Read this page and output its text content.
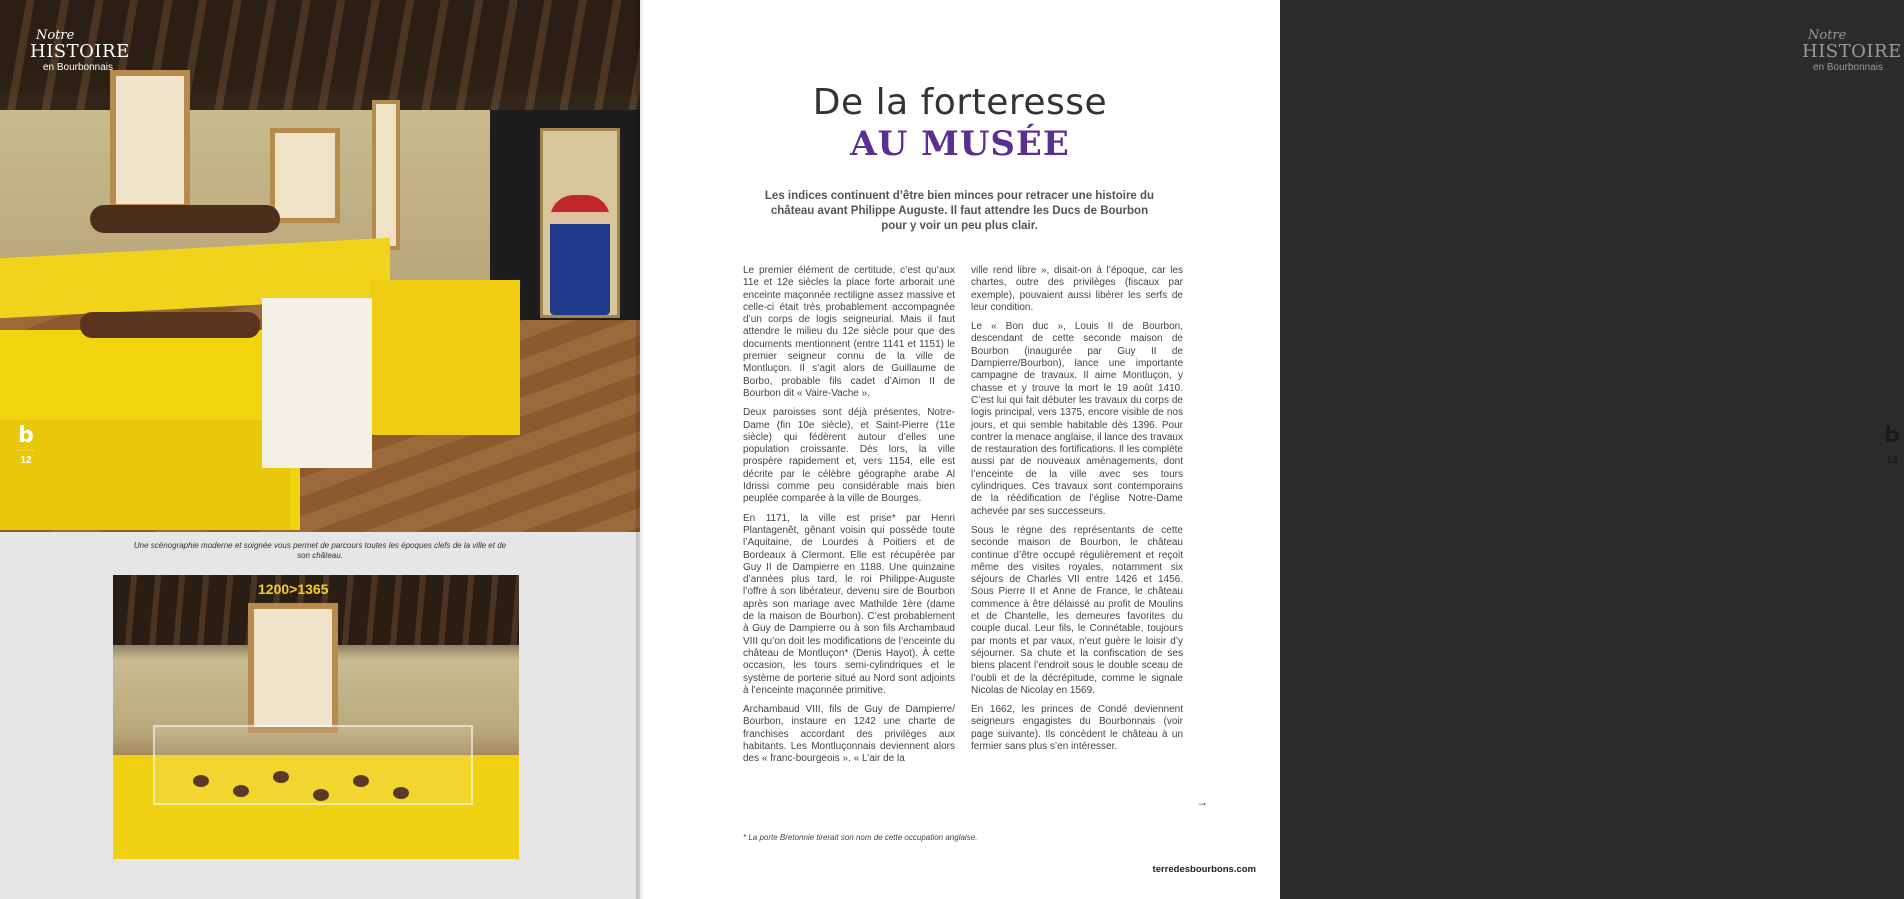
Notre
HISTOIRE
en Bourbonnais
b
·····
12
Une scénographie moderne et soignée vous permet de parcours toutes les époques clefs de la ville et de son château.
1200>1365
Notre
HISTOIRE
en Bourbonnais
De la forteresse
AU MUSÉE

Les indices continuent d’être bien minces pour retracer une histoire du château avant Philippe Auguste. Il faut attendre les Ducs de Bourbon pour y voir un peu plus clair.

Le premier élément de certitude, c’est qu’aux 11e et 12e siècles la place forte arborait une enceinte maçonnée rectiligne assez massive et celle-ci était très probablement accompagnée d’un corps de logis seigneurial. Mais il faut attendre le milieu du 12e siècle pour que des documents mentionnent (entre 1141 et 1151) le premier seigneur connu de la ville de Montluçon. Il s’agit alors de Guillaume de Borbo, probable fils cadet d’Aimon II de Bourbon dit « Vaire-Vache ».

Deux paroisses sont déjà présentes, Notre-Dame (fin 10e siècle), et Saint-Pierre (11e siècle) qui fédèrent autour d’elles une population croissante. Dès lors, la ville prospère rapidement et, vers 1154, elle est décrite par le célèbre géographe arabe Al Idrissi comme peu considérable mais bien peuplée comparée à la ville de Bourges.

En 1171, la ville est prise* par Henri Plantagenêt, gênant voisin qui possède toute l’Aquitaine, de Lourdes à Poitiers et de Bordeaux à Clermont. Elle est récupérée par Guy II de Dampierre en 1188. Une quinzaine d’années plus tard, le roi Philippe-Auguste l’offre à son libérateur, devenu sire de Bourbon après son mariage avec Mathilde 1ère (dame de la maison de Bourbon). C’est probablement à Guy de Dampierre ou à son fils Archambaud VIII qu’on doit les modifications de l’enceinte du château de Montluçon* (Denis Hayot). À cette occasion, les tours semi-cylindriques et le système de porterie situé au Nord sont adjoints à l’enceinte maçonnée primitive.

Archambaud VIII, fils de Guy de Dampierre/ Bourbon, instaure en 1242 une charte de franchises accordant des privilèges aux habitants. Les Montluçonnais deviennent alors des « franc-bourgeois ». « L’air de la

ville rend libre », disait-on à l’époque, car les chartes, outre des privilèges (fiscaux par exemple), pouvaient aussi libérer les serfs de leur condition.

Le « Bon duc », Louis II de Bourbon, descendant de cette seconde maison de Bourbon (inaugurée par Guy II de Dampierre/Bourbon), lance une importante campagne de travaux. Il aime Montluçon, y chasse et y trouve la mort le 19 août 1410. C’est lui qui fait débuter les travaux du corps de logis principal, vers 1375, encore visible de nos jours, et qui semble habitable dès 1396. Pour contrer la menace anglaise, il lance des travaux de restauration des fortifications. Il les complète aussi par de nouveaux aménagements, dont l’enceinte de la ville avec ses tours cylindriques. Ces travaux sont contemporains de la réédification de l’église Notre-Dame achevée par ses successeurs.

Sous le règne des représentants de cette seconde maison de Bourbon, le château continue d’être occupé régulièrement et reçoit même des visites royales, notamment six séjours de Charles VII entre 1426 et 1456. Sous Pierre II et Anne de France, le château commence à être délaissé au profit de Moulins et de Chantelle, les demeures favorites du couple ducal. Leur fils, le Connétable, toujours par monts et par vaux, n’eut guère le loisir d’y séjourner. Sa chute et la confiscation de ses biens placent l’endroit sous le double sceau de l’oubli et de la décrépitude, comme le signale Nicolas de Nicolay en 1569.

En 1662, les princes de Condé deviennent seigneurs engagistes du Bourbonnais (voir page suivante). Ils concèdent le château à un fermier sans plus s’en intéresser.

→
b
·····
13
* La porte Bretonnie tirerait son nom de cette occupation anglaise.
terredesbourbons.com
